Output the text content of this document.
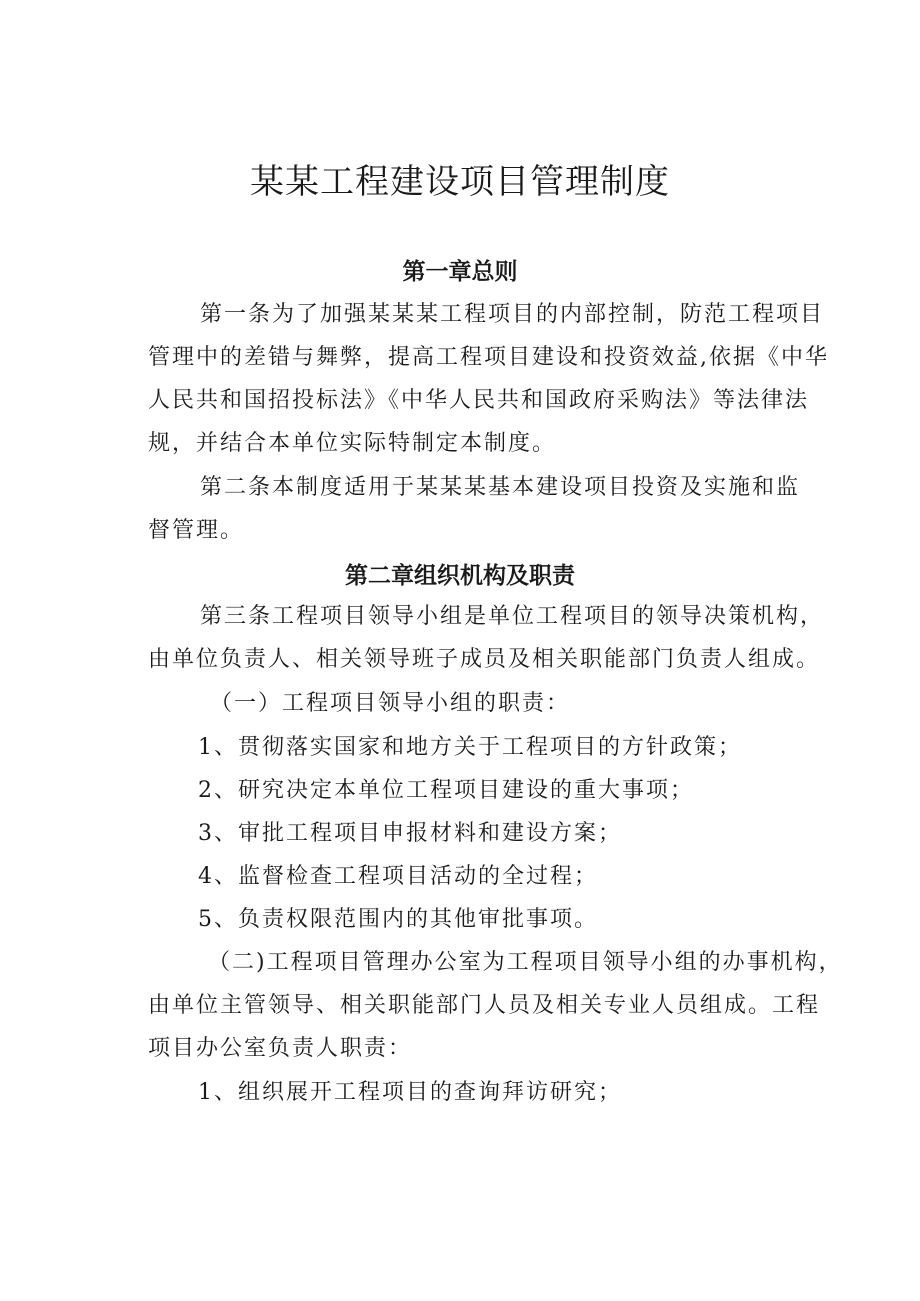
某某工程建设项目管理制度
第一章总则
第一条为了加强某某某工程项目的内部控制，防范工程项目
管理中的差错与舞弊，提高工程项目建设和投资效益,依据《中华
人民共和国招投标法》《中华人民共和国政府采购法》等法律法
规，并结合本单位实际特制定本制度。
第二条本制度适用于某某某基本建设项目投资及实施和监
督管理。
第二章组织机构及职责
第三条工程项目领导小组是单位工程项目的领导决策机构，
由单位负责人、相关领导班子成员及相关职能部门负责人组成。
（一）工程项目领导小组的职责：
1、贯彻落实国家和地方关于工程项目的方针政策；
2、研究决定本单位工程项目建设的重大事项；
3、审批工程项目申报材料和建设方案；
4、监督检查工程项目活动的全过程；
5、负责权限范围内的其他审批事项。
（二)工程项目管理办公室为工程项目领导小组的办事机构，
由单位主管领导、相关职能部门人员及相关专业人员组成。工程
项目办公室负责人职责：
1、组织展开工程项目的查询拜访研究；
